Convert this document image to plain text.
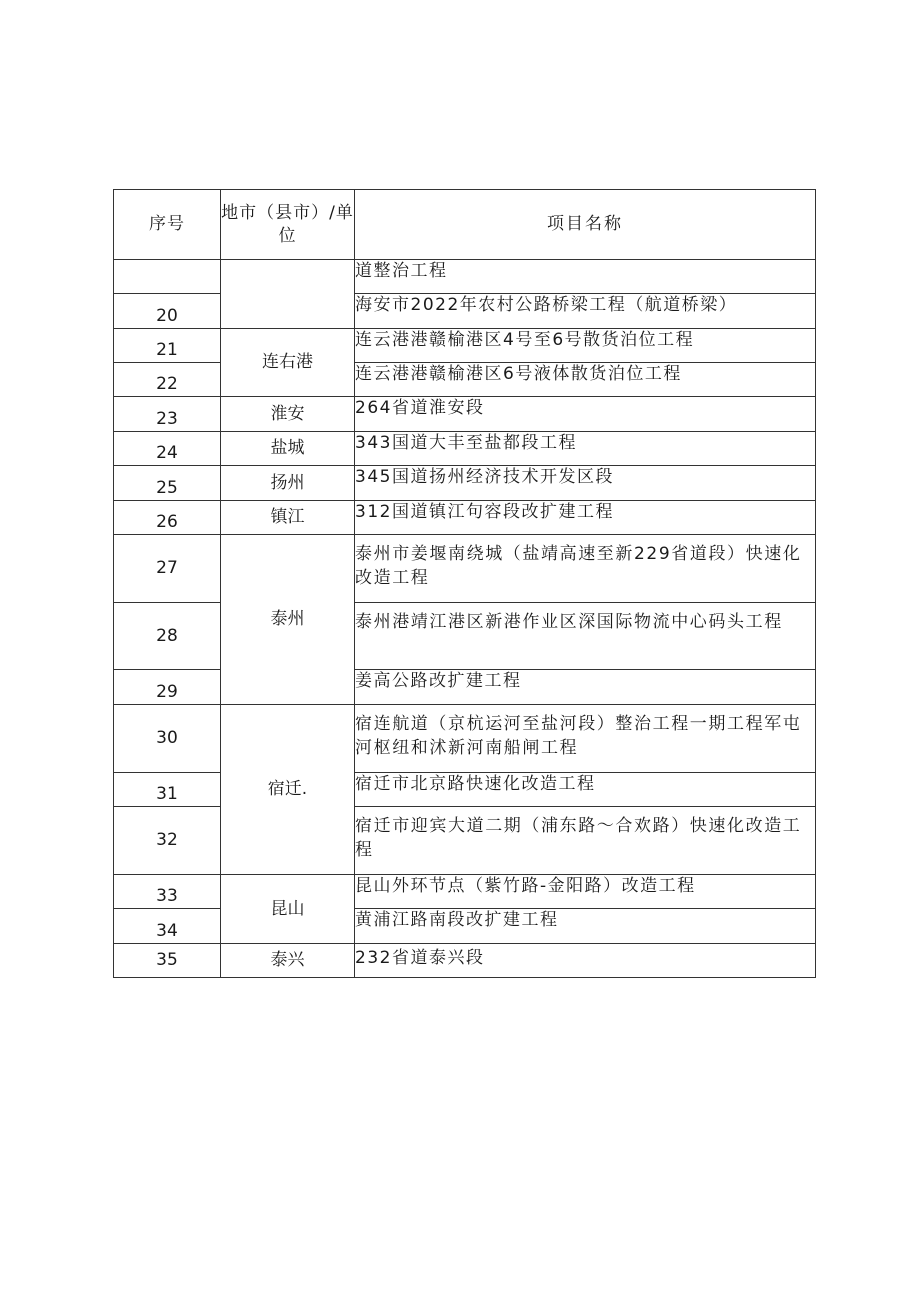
序号	地市（县市）/单位	项目名称
		道整治工程
20		海安市2022年农村公路桥梁工程（航道桥梁）
21	连右港	连云港港赣榆港区4号至6号散货泊位工程
22		连云港港赣榆港区6号液体散货泊位工程
23	淮安	264省道淮安段
24	盐城	343国道大丰至盐都段工程
25	扬州	345国道扬州经济技术开发区段
26	镇江	312国道镇江句容段改扩建工程
27	泰州	泰州市姜堰南绕城（盐靖高速至新229省道段）快速化改造工程
28		泰州港靖江港区新港作业区深国际物流中心码头工程
29		姜高公路改扩建工程
30	宿迁.	宿连航道（京杭运河至盐河段）整治工程一期工程军屯河枢纽和沭新河南船闸工程
31		宿迁市北京路快速化改造工程
32		宿迁市迎宾大道二期（浦东路～合欢路）快速化改造工程
33	昆山	昆山外环节点（紫竹路-金阳路）改造工程
34		黄浦江路南段改扩建工程
35	泰兴	232省道泰兴段
